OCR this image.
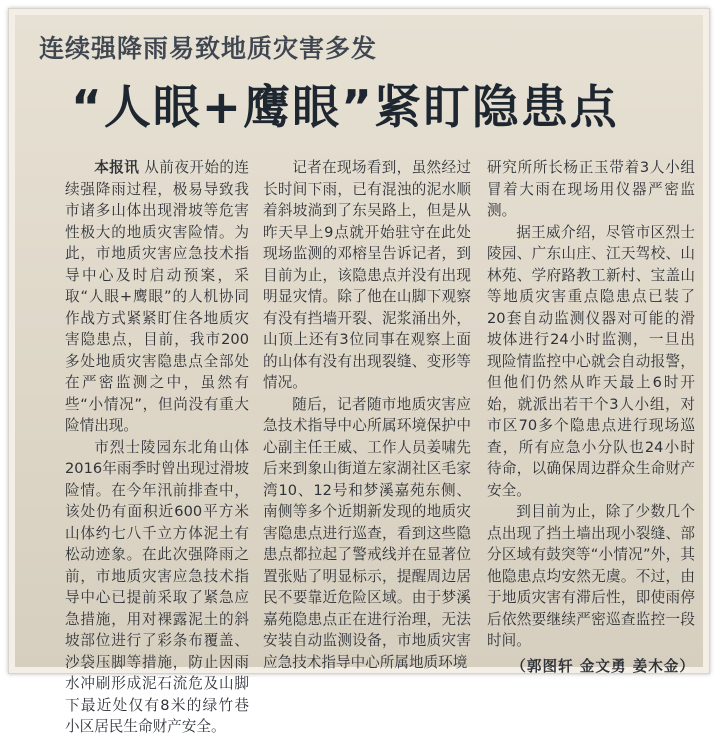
连续强降雨易致地质灾害多发
“人眼+鹰眼”紧盯隐患点

本报讯 从前夜开始的连续强降雨过程，极易导致我市诸多山体出现滑坡等危害性极大的地质灾害险情。为此，市地质灾害应急技术指导中心及时启动预案，采取“人眼+鹰眼”的人机协同作战方式紧紧盯住各地质灾害隐患点，目前，我市200多处地质灾害隐患点全部处在严密监测之中，虽然有些“小情况”，但尚没有重大险情出现。

市烈士陵园东北角山体2016年雨季时曾出现过滑坡险情。在今年汛前排查中，该处仍有面积近600平方米山体约七八千立方体泥土有松动迹象。在此次强降雨之前，市地质灾害应急技术指导中心已提前采取了紧急应急措施，用对裸露泥土的斜坡部位进行了彩条布覆盖、沙袋压脚等措施，防止因雨水冲刷形成泥石流危及山脚下最近处仅有8米的绿竹巷小区居民生命财产安全。

记者在现场看到，虽然经过长时间下雨，已有混浊的泥水顺着斜坡淌到了东吴路上，但是从昨天早上9点就开始驻守在此处现场监测的邓榕呈告诉记者，到目前为止，该隐患点并没有出现明显灾情。除了他在山脚下观察有没有挡墙开裂、泥浆涌出外，山顶上还有3位同事在观察上面的山体有没有出现裂缝、变形等情况。

随后，记者随市地质灾害应急技术指导中心所属环境保护中心副主任王威、工作人员姜啸先后来到象山街道左家湖社区毛家湾10、12号和梦溪嘉苑东侧、南侧等多个近期新发现的地质灾害隐患点进行巡查，看到这些隐患点都拉起了警戒线并在显著位置张贴了明显标示，提醒周边居民不要靠近危险区域。由于梦溪嘉苑隐患点正在进行治理，无法安装自动监测设备，市地质灾害应急技术指导中心所属地质环境

研究所所长杨正玉带着3人小组冒着大雨在现场用仪器严密监测。

据王威介绍，尽管市区烈士陵园、广东山庄、江天驾校、山林苑、学府路教工新村、宝盖山等地质灾害重点隐患点已装了20套自动监测仪器对可能的滑坡体进行24小时监测，一旦出现险情监控中心就会自动报警，但他们仍然从昨天最上6时开始，就派出若干个3人小组，对市区70多个隐患点进行现场巡查，所有应急小分队也24小时待命，以确保周边群众生命财产安全。

到目前为止，除了少数几个点出现了挡土墙出现小裂缝、部分区域有鼓突等“小情况”外，其他隐患点均安然无虞。不过，由于地质灾害有滞后性，即使雨停后依然要继续严密巡查监控一段时间。

（郭图轩 金文勇 姜木金）
